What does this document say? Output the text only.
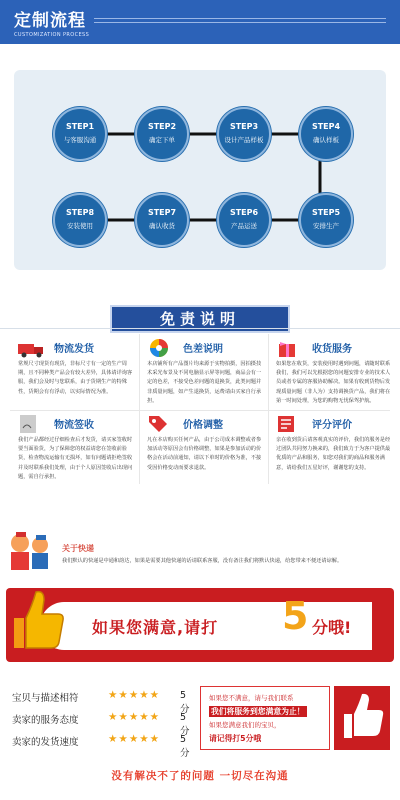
定制流程
CUSTOMIZATION PROCESS
STEP1
与客服沟通
STEP2
确定下单
STEP3
设计产品样板
STEP4
确认样板
STEP5
安排生产
STEP6
产品运送
STEP7
确认收货
STEP8
安装使用
免责说明
物流发货
常规尺寸现货有现货，非标尺寸有一定的生产周期，且不同种类产品会有较大差异，具体请详询客服，我们会及时与您联系，由于货期生产的特殊性，货期会有有浮动，以实际情况为准。
色差说明
本店铺所有产品图片均来源于实物拍摄，因拍摄技术采光布景及不同电脑显示屏等问题，商品会有一定的色差，不接受色差问题的退换货，此类问题并非质量问题，如产生退换货，运费请由买家自行承担。
收货服务
如果您在收货，安装使用时遇到问题，请随时联系我们，我们可以先根据您的问题安排专业的技术人员或者专属的客服协助解决。如果有收到货物后发现质量问题（非人为）支持调换货产品，我们将在第一时间处理，为您的购物无忧保驾护航。
物流签收
我们产品都经过仔细检查后才发货，请买家签收时要当面验货，为了保障您的权益请您在签收前验货，检查物流运输有无损坏，如有问题请拒绝签收并及时联系我们处理，由于个人原因签收后出现问题，需自行承担。
价格调整
凡在本店购买任何产品，由于公司成本调整或者参加活动等原因会有价格调整，如果是参加活动的价格会在活动前通知，请以下单时的价格为准，不接受因价格变动而要求退款。
评分评价
亲在收到货后请客观真实的评价，我们的服务是经过团队共同努力换来的，我们致力于为客户提供最优质的产品和服务，如您对我们的商品和服务满意，请给我们五星好评，谢谢您的支持。
关于快递
我们默认的快递是中通和韵达，如果是需要其他快递的话请联系客服，没有备注我们将默认快递，给您带来不便还请谅解。
如果您满意,请打 5 分哦!
宝贝与描述相符	★★★★★ 5分
卖家的服务态度	★★★★★ 5分
卖家的发货速度	★★★★★ 5分
如果您不满意，请与我们联系
我们将服务到您满意为止！
如果您满意我们的宝贝，
请记得打5分哦
没有解决不了的问题 一切尽在沟通
